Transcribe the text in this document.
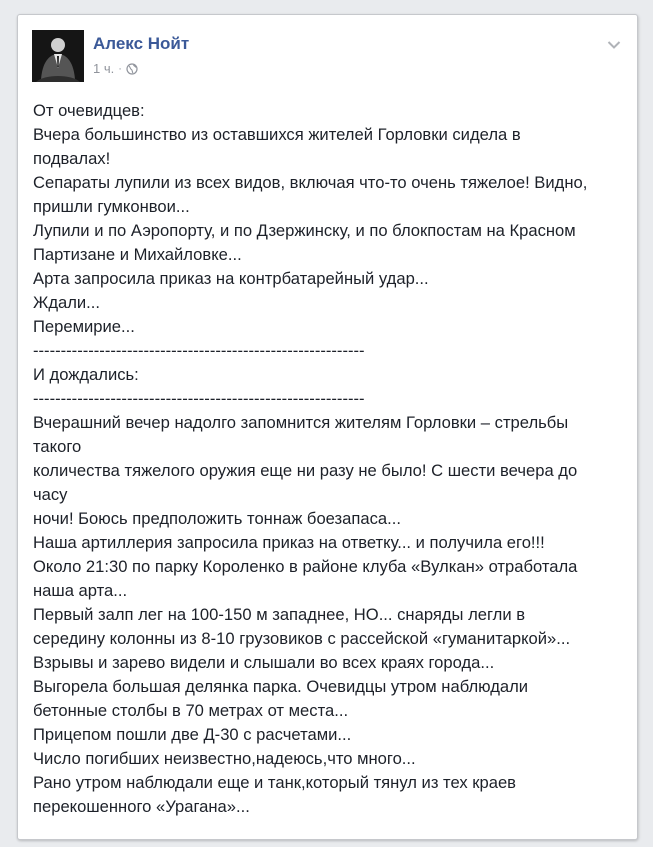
Алекс Нойт
1 ч. ·
От очевидцев:
Вчера большинство из оставшихся жителей Горловки сидела в
подвалах!
Сепараты лупили из всех видов, включая что-то очень тяжелое! Видно,
пришли гумконвои...
Лупили и по Аэропорту, и по Дзержинску, и по блокпостам на Красном
Партизане и Михайловке...
Арта запросила приказ на контрбатарейный удар...
Ждали...
Перемирие...
------------------------------------------------------------
И дождались:
------------------------------------------------------------
Вчерашний вечер надолго запомнится жителям Горловки – стрельбы
такого
количества тяжелого оружия еще ни разу не было! С шести вечера до
часу
ночи! Боюсь предположить тоннаж боезапаса...
Наша артиллерия запросила приказ на ответку... и получила его!!!
Около 21:30 по парку Короленко в районе клуба «Вулкан» отработала
наша арта...
Первый залп лег на 100-150 м западнее, НО... снаряды легли в
середину колонны из 8-10 грузовиков с рассейской «гуманитаркой»...
Взрывы и зарево видели и слышали во всех краях города...
Выгорела большая делянка парка. Очевидцы утром наблюдали
бетонные столбы в 70 метрах от места...
Прицепом пошли две Д-30 с расчетами...
Число погибших неизвестно,надеюсь,что много...
Рано утром наблюдали еще и танк,который тянул из тех краев
перекошенного «Урагана»...
